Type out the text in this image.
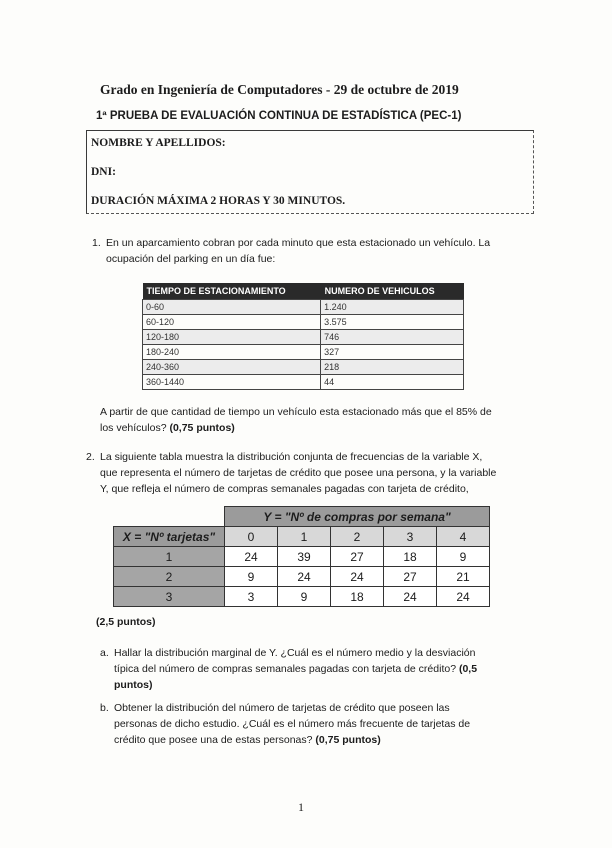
Grado en Ingeniería de Computadores - 29 de octubre de 2019
1ª PRUEBA DE EVALUACIÓN CONTINUA DE ESTADÍSTICA (PEC-1)
NOMBRE Y APELLIDOS:
DNI:
DURACIÓN MÁXIMA 2 HORAS Y 30 MINUTOS.
1. En un aparcamiento cobran por cada minuto que esta estacionado un vehículo. La
ocupación del parking en un día fue:
TIEMPO DE ESTACIONAMIENTO	NUMERO DE VEHICULOS
0-60	1.240
60-120	3.575
120-180	746
180-240	327
240-360	218
360-1440	44
A partir de que cantidad de tiempo un vehículo esta estacionado más que el 85% de
los vehículos? (0,75 puntos)
2. La siguiente tabla muestra la distribución conjunta de frecuencias de la variable X,
que representa el número de tarjetas de crédito que posee una persona, y la variable
Y, que refleja el número de compras semanales pagadas con tarjeta de crédito,
	Y = "Nº de compras por semana"				
X = "Nº tarjetas"	0	1	2	3	4
1	24	39	27	18	9
2	9	24	24	27	21
3	3	9	18	24	24
(2,5 puntos)
a. Hallar la distribución marginal de Y. ¿Cuál es el número medio y la desviación
típica del número de compras semanales pagadas con tarjeta de crédito? (0,5
puntos)
b. Obtener la distribución del número de tarjetas de crédito que poseen las
personas de dicho estudio. ¿Cuál es el número más frecuente de tarjetas de
crédito que posee una de estas personas? (0,75 puntos)
1
